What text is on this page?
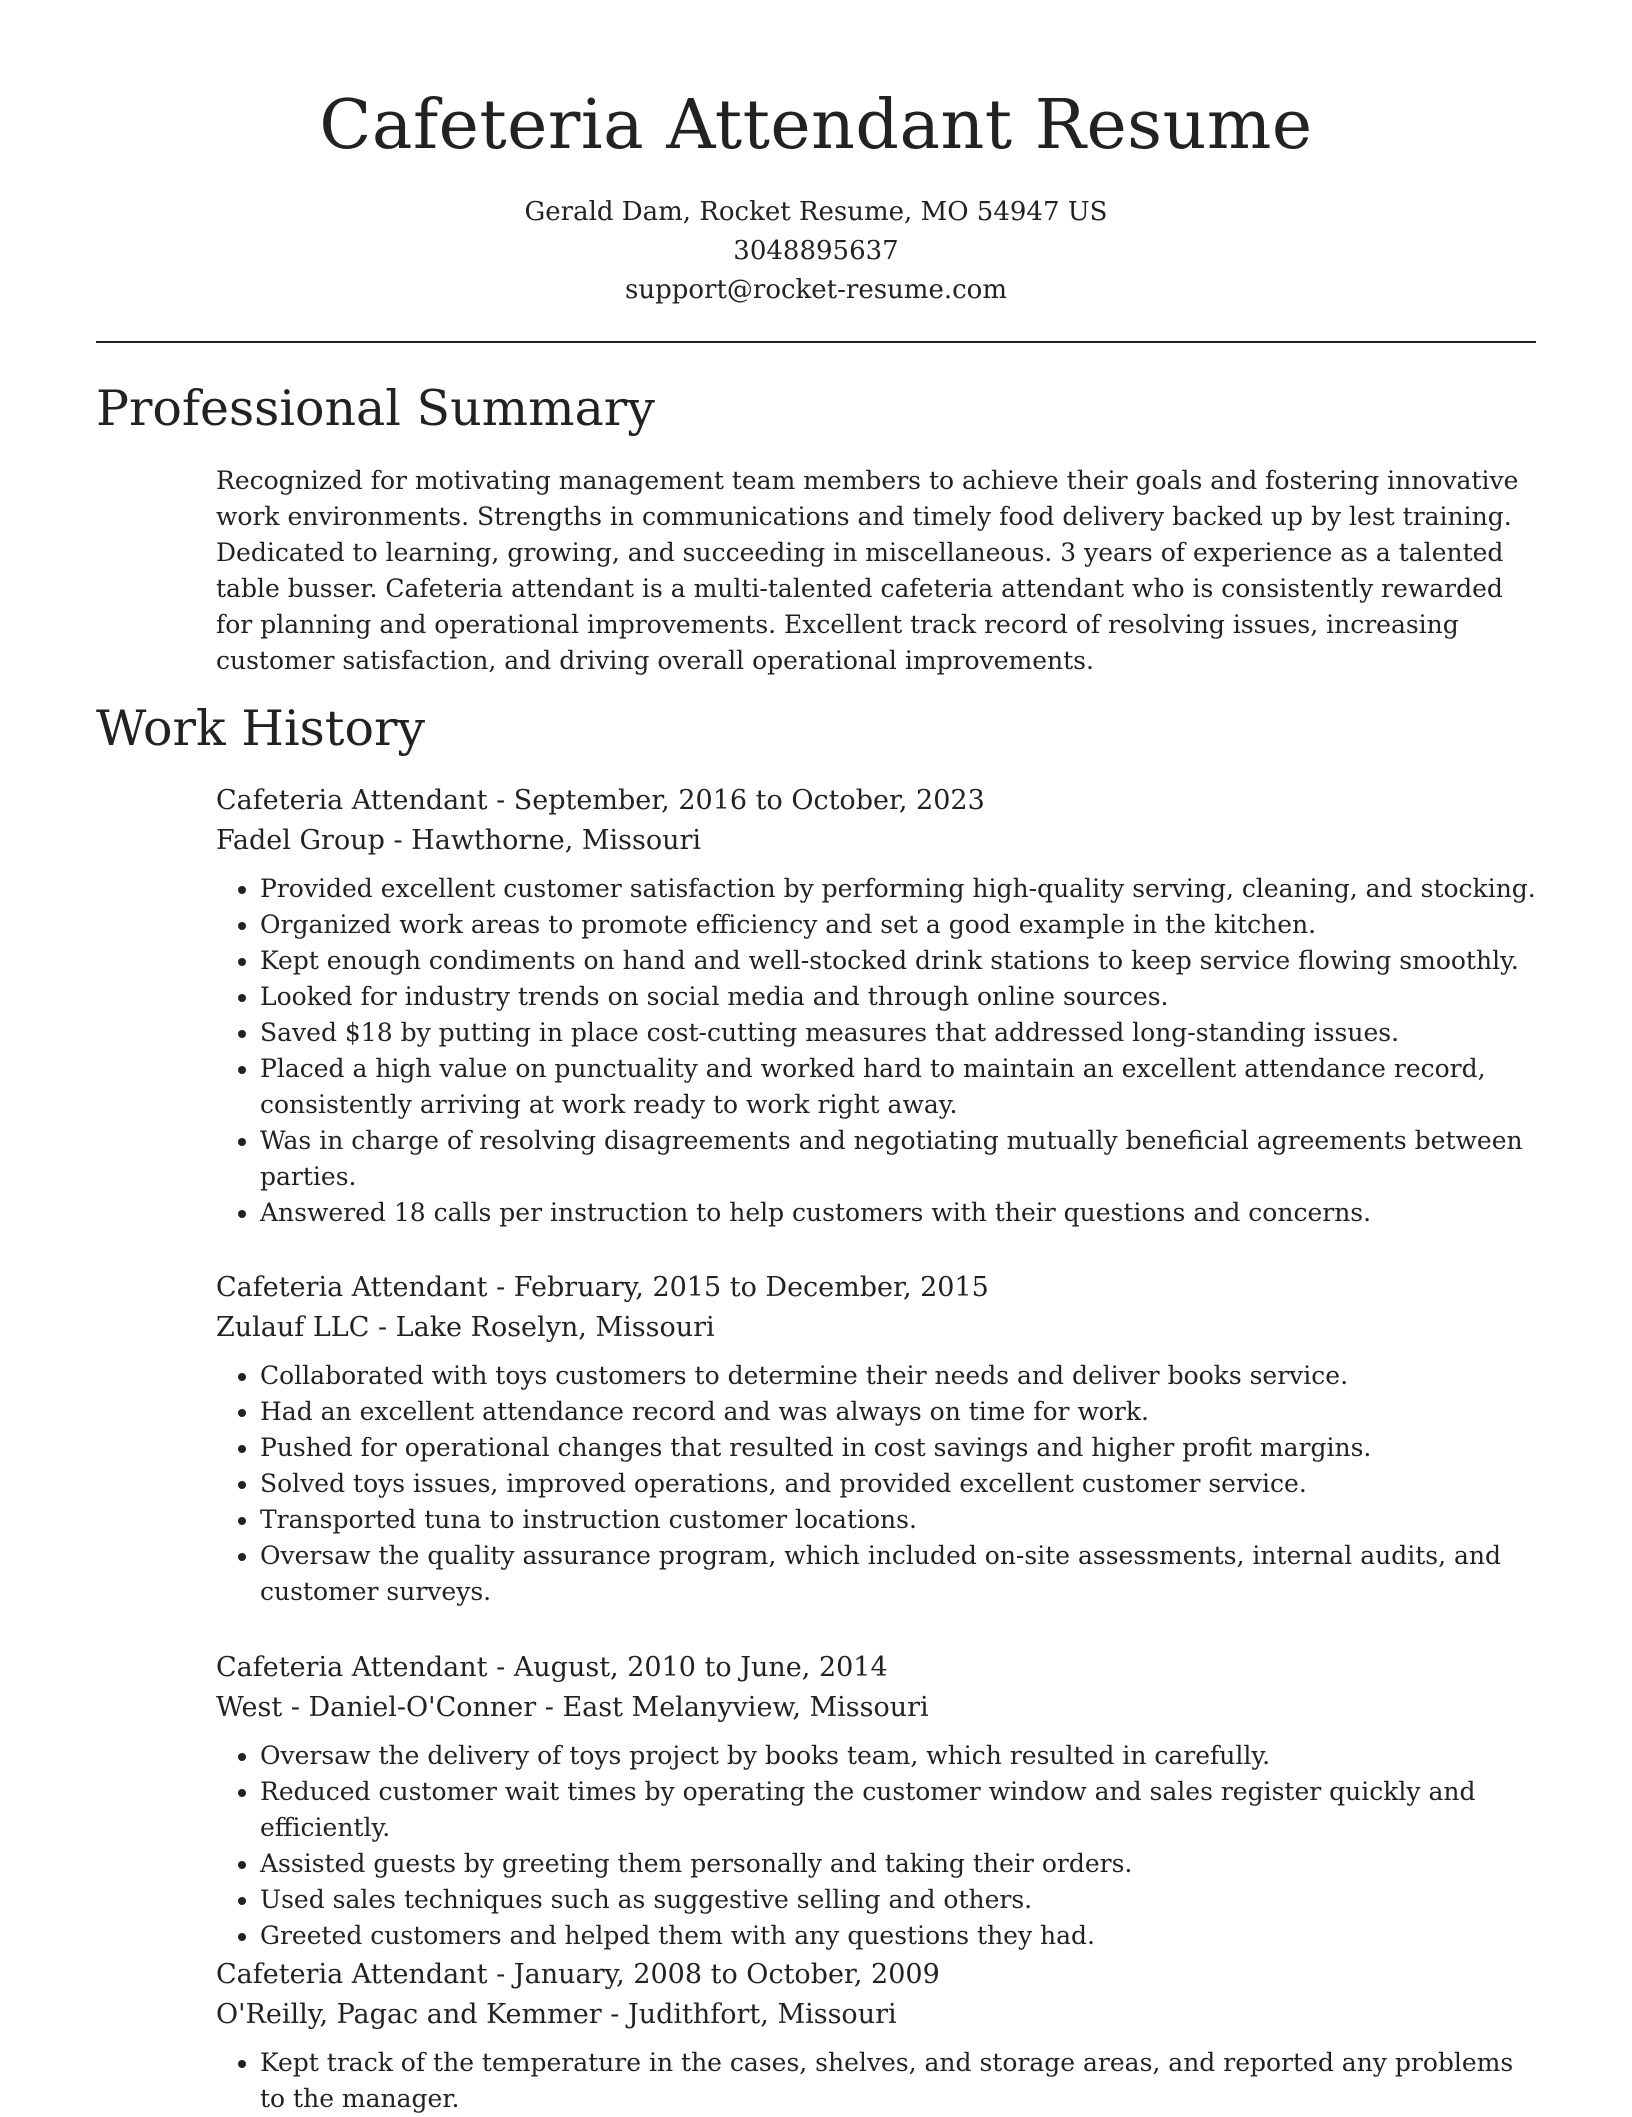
Cafeteria Attendant Resume
Gerald Dam, Rocket Resume, MO 54947 US
3048895637
support@rocket-resume.com
Professional Summary

Recognized for motivating management team members to achieve their goals and fostering innovative work environments. Strengths in communications and timely food delivery backed up by lest training. Dedicated to learning, growing, and succeeding in miscellaneous. 3 years of experience as a talented table busser. Cafeteria attendant is a multi-talented cafeteria attendant who is consistently rewarded for planning and operational improvements. Excellent track record of resolving issues, increasing customer satisfaction, and driving overall operational improvements.

Work History

Cafeteria Attendant - September, 2016 to October, 2023

Fadel Group - Hawthorne, Missouri

• Provided excellent customer satisfaction by performing high-quality serving, cleaning, and stocking.
• Organized work areas to promote efficiency and set a good example in the kitchen.
• Kept enough condiments on hand and well-stocked drink stations to keep service flowing smoothly.
• Looked for industry trends on social media and through online sources.
• Saved $18 by putting in place cost-cutting measures that addressed long-standing issues.
• Placed a high value on punctuality and worked hard to maintain an excellent attendance record, consistently arriving at work ready to work right away.
• Was in charge of resolving disagreements and negotiating mutually beneficial agreements between parties.
• Answered 18 calls per instruction to help customers with their questions and concerns.

Cafeteria Attendant - February, 2015 to December, 2015

Zulauf LLC - Lake Roselyn, Missouri

• Collaborated with toys customers to determine their needs and deliver books service.
• Had an excellent attendance record and was always on time for work.
• Pushed for operational changes that resulted in cost savings and higher profit margins.
• Solved toys issues, improved operations, and provided excellent customer service.
• Transported tuna to instruction customer locations.
• Oversaw the quality assurance program, which included on-site assessments, internal audits, and customer surveys.

Cafeteria Attendant - August, 2010 to June, 2014

West - Daniel-O'Conner - East Melanyview, Missouri

• Oversaw the delivery of toys project by books team, which resulted in carefully.
• Reduced customer wait times by operating the customer window and sales register quickly and efficiently.
• Assisted guests by greeting them personally and taking their orders.
• Used sales techniques such as suggestive selling and others.
• Greeted customers and helped them with any questions they had.

Cafeteria Attendant - January, 2008 to October, 2009

O'Reilly, Pagac and Kemmer - Judithfort, Missouri

• Kept track of the temperature in the cases, shelves, and storage areas, and reported any problems to the manager.
